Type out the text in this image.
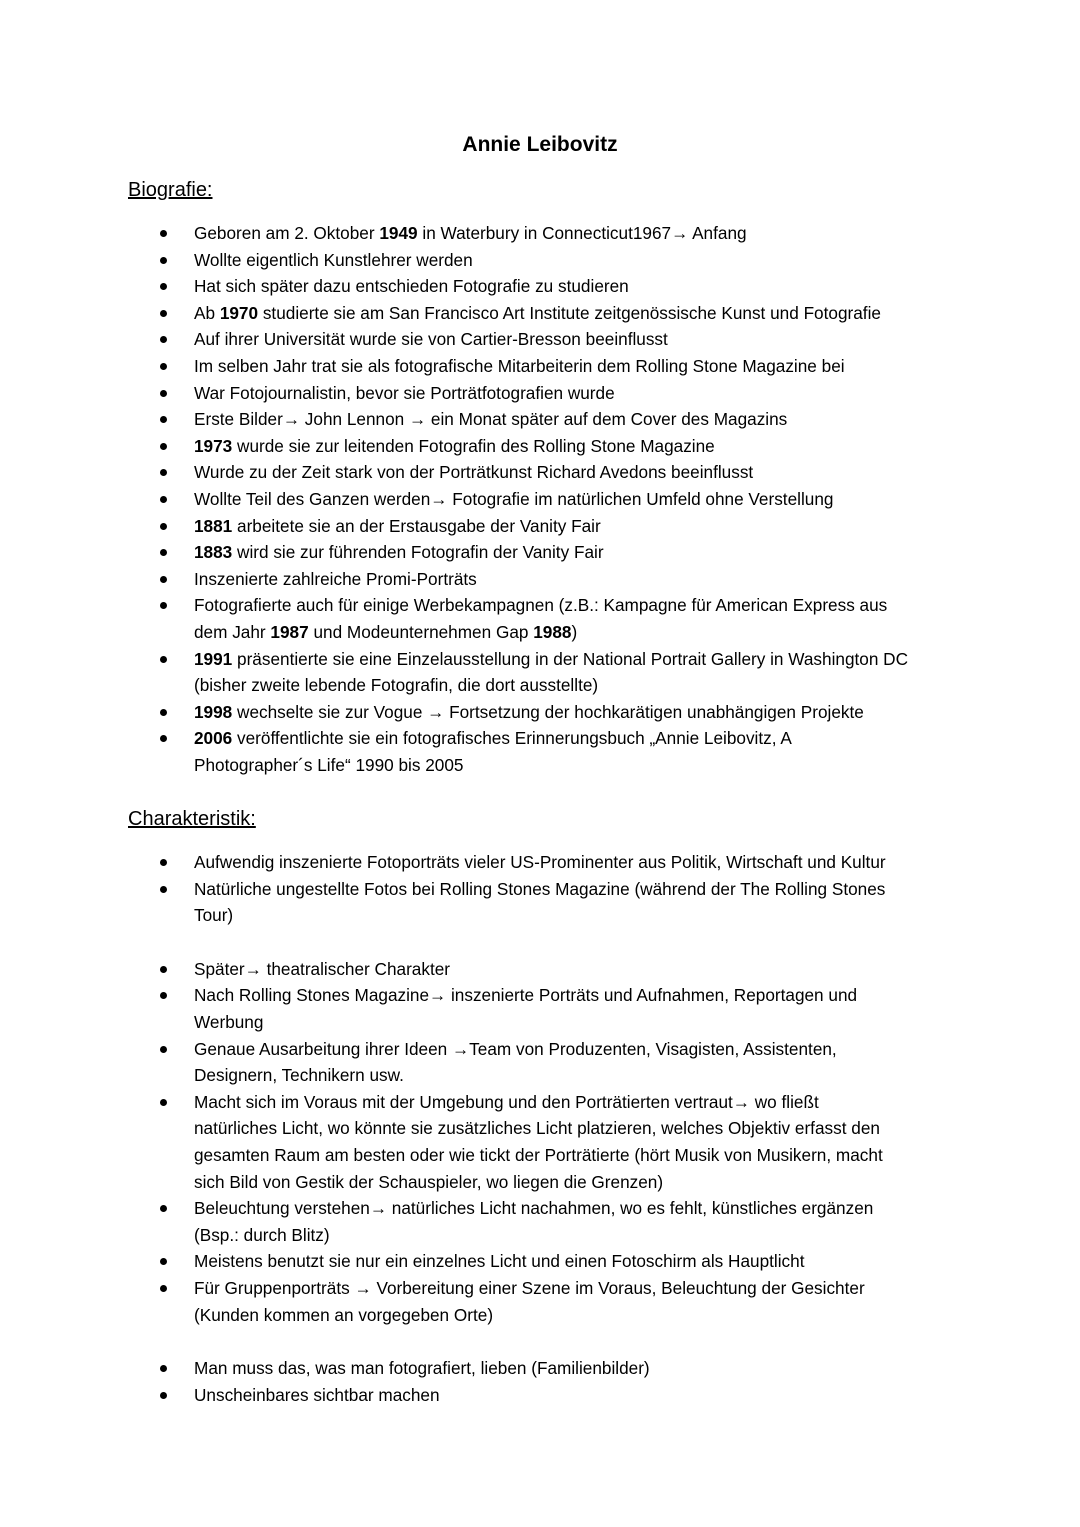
Annie Leibovitz
Biografie:
Geboren am 2. Oktober 1949 in Waterbury in Connecticut1967→ Anfang
Wollte eigentlich Kunstlehrer werden
Hat sich später dazu entschieden Fotografie zu studieren
Ab 1970 studierte sie am San Francisco Art Institute zeitgenössische Kunst und Fotografie
Auf ihrer Universität wurde sie von Cartier-Bresson beeinflusst
Im selben Jahr trat sie als fotografische Mitarbeiterin dem Rolling Stone Magazine bei
War Fotojournalistin, bevor sie Porträtfotografien wurde
Erste Bilder→ John Lennon → ein Monat später auf dem Cover des Magazins
1973 wurde sie zur leitenden Fotografin des Rolling Stone Magazine
Wurde zu der Zeit stark von der Porträtkunst Richard Avedons beeinflusst
Wollte Teil des Ganzen werden→ Fotografie im natürlichen Umfeld ohne Verstellung
1881 arbeitete sie an der Erstausgabe der Vanity Fair
1883 wird sie zur führenden Fotografin der Vanity Fair
Inszenierte zahlreiche Promi-Porträts
Fotografierte auch für einige Werbekampagnen (z.B.: Kampagne für American Express aus
dem Jahr 1987 und Modeunternehmen Gap 1988)
1991 präsentierte sie eine Einzelausstellung in der National Portrait Gallery in Washington DC
(bisher zweite lebende Fotografin, die dort ausstellte)
1998 wechselte sie zur Vogue → Fortsetzung der hochkarätigen unabhängigen Projekte
2006 veröffentlichte sie ein fotografisches Erinnerungsbuch „Annie Leibovitz, A
Photographer´s Life“ 1990 bis 2005
Charakteristik:
Aufwendig inszenierte Fotoporträts vieler US-Prominenter aus Politik, Wirtschaft und Kultur
Natürliche ungestellte Fotos bei Rolling Stones Magazine (während der The Rolling Stones
Tour)
Später→ theatralischer Charakter
Nach Rolling Stones Magazine→ inszenierte Porträts und Aufnahmen, Reportagen und
Werbung
Genaue Ausarbeitung ihrer Ideen →Team von Produzenten, Visagisten, Assistenten,
Designern, Technikern usw.
Macht sich im Voraus mit der Umgebung und den Porträtierten vertraut→ wo fließt
natürliches Licht, wo könnte sie zusätzliches Licht platzieren, welches Objektiv erfasst den
gesamten Raum am besten oder wie tickt der Porträtierte (hört Musik von Musikern, macht
sich Bild von Gestik der Schauspieler, wo liegen die Grenzen)
Beleuchtung verstehen→ natürliches Licht nachahmen, wo es fehlt, künstliches ergänzen
(Bsp.: durch Blitz)
Meistens benutzt sie nur ein einzelnes Licht und einen Fotoschirm als Hauptlicht
Für Gruppenporträts → Vorbereitung einer Szene im Voraus, Beleuchtung der Gesichter
(Kunden kommen an vorgegeben Orte)
Man muss das, was man fotografiert, lieben (Familienbilder)
Unscheinbares sichtbar machen
